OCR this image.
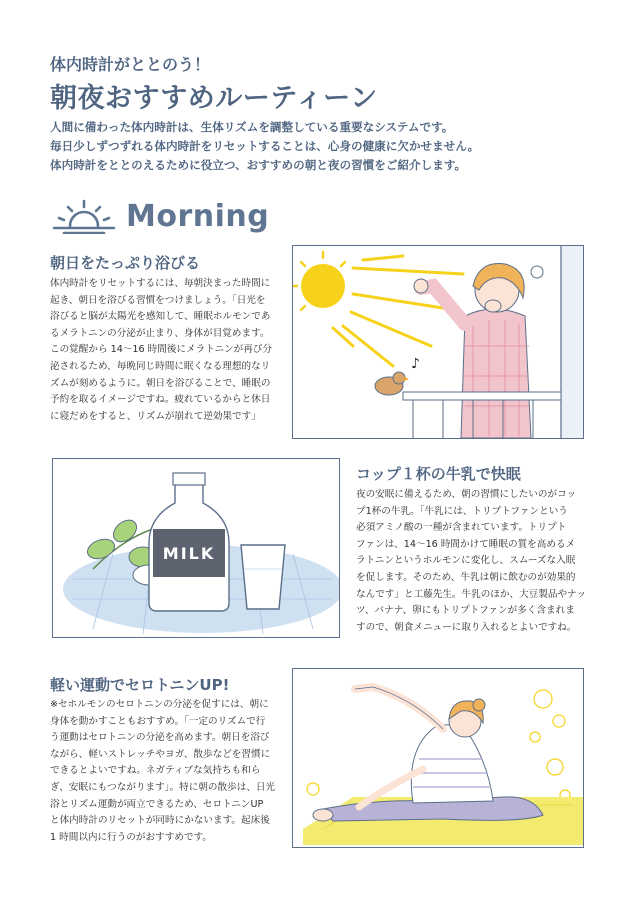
体内時計がととのう！
朝夜おすすめルーティーン
人間に備わった体内時計は、生体リズムを調整している重要なシステムです。
毎日少しずつずれる体内時計をリセットすることは、心身の健康に欠かせません。
体内時計をととのえるために役立つ、おすすめの朝と夜の習慣をご紹介します。
Morning
朝日をたっぷり浴びる
体内時計をリセットするには、毎朝決まった時間に
起き、朝日を浴びる習慣をつけましょう。「日光を
浴びると脳が太陽光を感知して、睡眠ホルモンであ
るメラトニンの分泌が止まり、身体が目覚めます。
この覚醒から 14〜16 時間後にメラトニンが再び分
泌されるため、毎晩同じ時間に眠くなる理想的なリ
ズムが刻めるように。朝日を浴びることで、睡眠の
予約を取るイメージですね。疲れているからと休日
に寝だめをすると、リズムが崩れて逆効果です」
♪
MILK
コップ１杯の牛乳で快眠
夜の安眠に備えるため、朝の習慣にしたいのがコッ
プ1杯の牛乳。「牛乳には、トリプトファンという
必須アミノ酸の一種が含まれています。トリプト
ファンは、14〜16 時間かけて睡眠の質を高めるメ
ラトニンというホルモンに変化し、スムーズな入眠
を促します。そのため、牛乳は朝に飲むのが効果的
なんです」と工藤先生。牛乳のほか、大豆製品やナッ
ツ、バナナ、卵にもトリプトファンが多く含まれま
すので、朝食メニューに取り入れるとよいですね。
軽い運動でセロトニンUP!
※セホルモンのセロトニンの分泌を促すには、朝に
身体を動かすこともおすすめ。「一定のリズムで行
う運動はセロトニンの分泌を高めます。朝日を浴び
ながら、軽いストレッチやヨガ、散歩などを習慣に
できるとよいですね。ネガティブな気持ちも和ら
ぎ、安眠にもつながります」。特に朝の散歩は、日光
浴とリズム運動が両立できるため、セロトニンUP
と体内時計のリセットが同時にかないます。起床後
1 時間以内に行うのがおすすめです。
